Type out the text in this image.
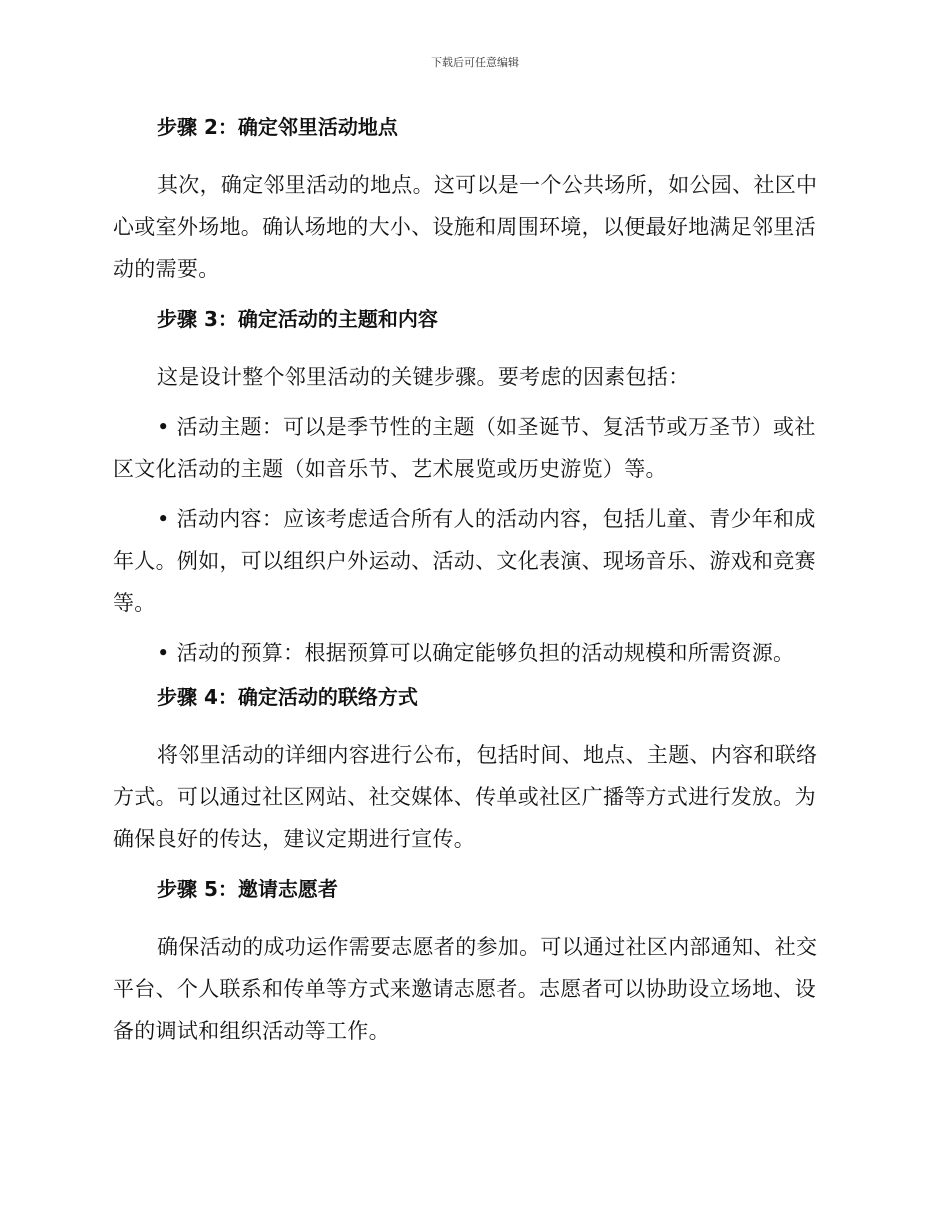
下载后可任意编辑
步骤 2：确定邻里活动地点
其次，确定邻里活动的地点。这可以是一个公共场所，如公园、社区中心或室外场地。确认场地的大小、设施和周围环境，以便最好地满足邻里活动的需要。
步骤 3：确定活动的主题和内容
这是设计整个邻里活动的关键步骤。要考虑的因素包括：
• 活动主题：可以是季节性的主题（如圣诞节、复活节或万圣节）或社区文化活动的主题（如音乐节、艺术展览或历史游览）等。
• 活动内容：应该考虑适合所有人的活动内容，包括儿童、青少年和成年人。例如，可以组织户外运动、活动、文化表演、现场音乐、游戏和竞赛等。
• 活动的预算：根据预算可以确定能够负担的活动规模和所需资源。
步骤 4：确定活动的联络方式
将邻里活动的详细内容进行公布，包括时间、地点、主题、内容和联络方式。可以通过社区网站、社交媒体、传单或社区广播等方式进行发放。为确保良好的传达，建议定期进行宣传。
步骤 5：邀请志愿者
确保活动的成功运作需要志愿者的参加。可以通过社区内部通知、社交平台、个人联系和传单等方式来邀请志愿者。志愿者可以协助设立场地、设备的调试和组织活动等工作。
